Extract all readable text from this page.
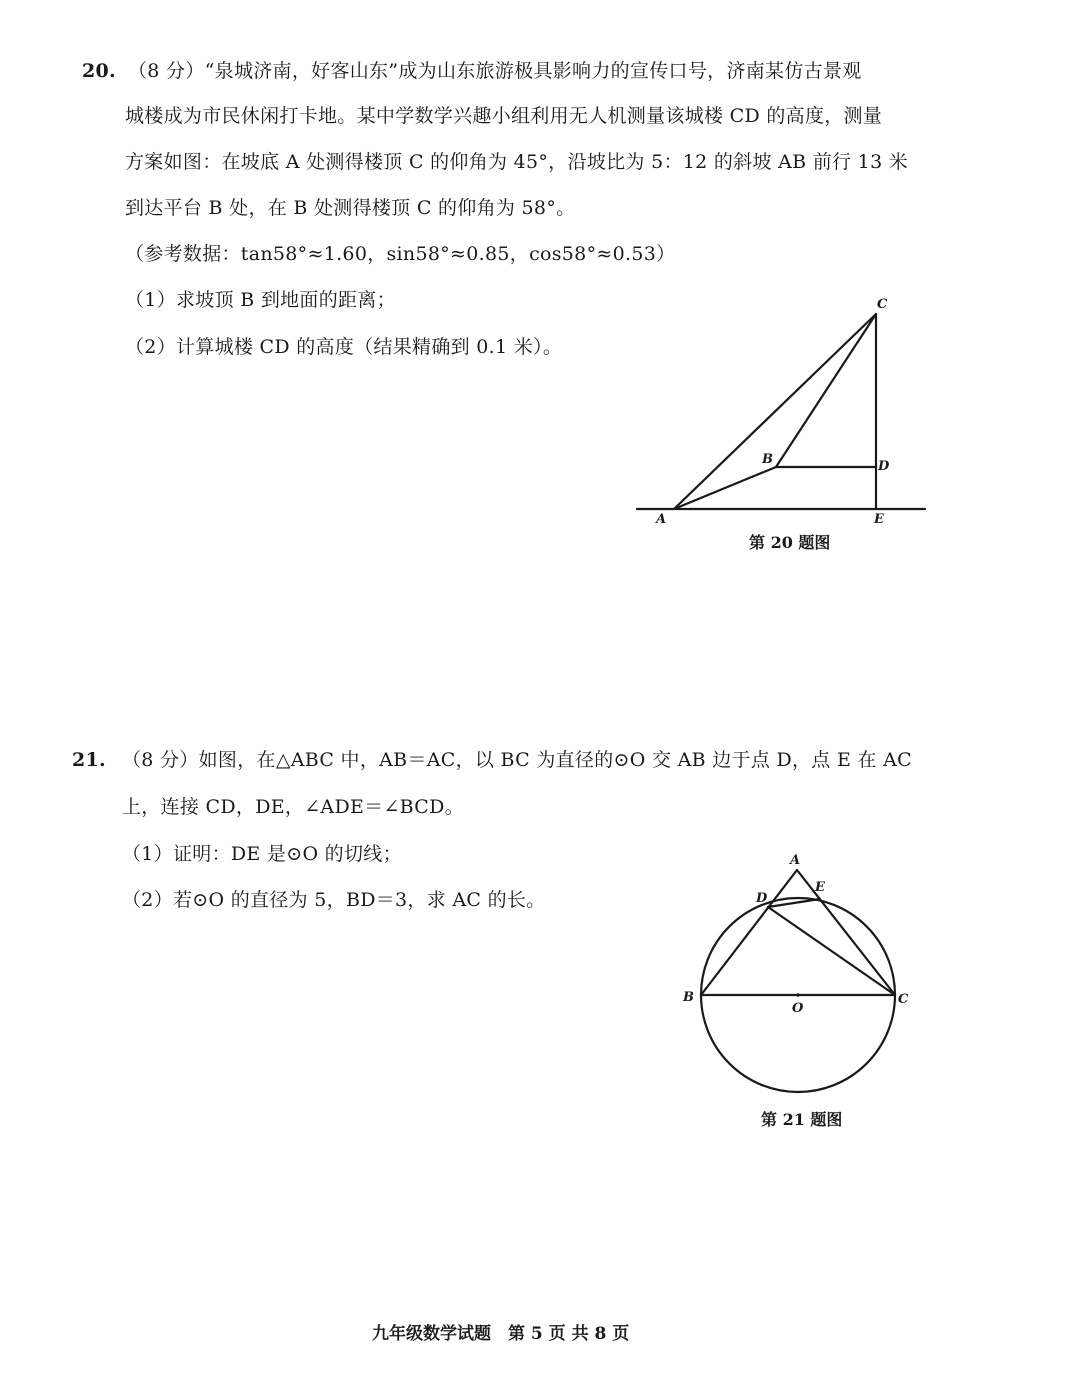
20. （8 分）“泉城济南，好客山东”成为山东旅游极具影响力的宣传口号，济南某仿古景观
城楼成为市民休闲打卡地。某中学数学兴趣小组利用无人机测量该城楼 CD 的高度，测量
方案如图：在坡底 A 处测得楼顶 C 的仰角为 45°，沿坡比为 5：12 的斜坡 AB 前行 13 米
到达平台 B 处，在 B 处测得楼顶 C 的仰角为 58°。
（参考数据：tan58°≈1.60，sin58°≈0.85，cos58°≈0.53）
（1）求坡顶 B 到地面的距离；
（2）计算城楼 CD 的高度（结果精确到 0.1 米）。
C
B	D
A	E
第 20 题图
21. （8 分）如图，在△ABC 中，AB＝AC，以 BC 为直径的⊙O 交 AB 边于点 D，点 E 在 AC
上，连接 CD，DE，∠ADE＝∠BCD。
（1）证明：DE 是⊙O 的切线；
（2）若⊙O 的直径为 5，BD＝3，求 AC 的长。
A
D
E
B	C
O
第 21 题图
九年级数学试题　第 5 页 共 8 页
